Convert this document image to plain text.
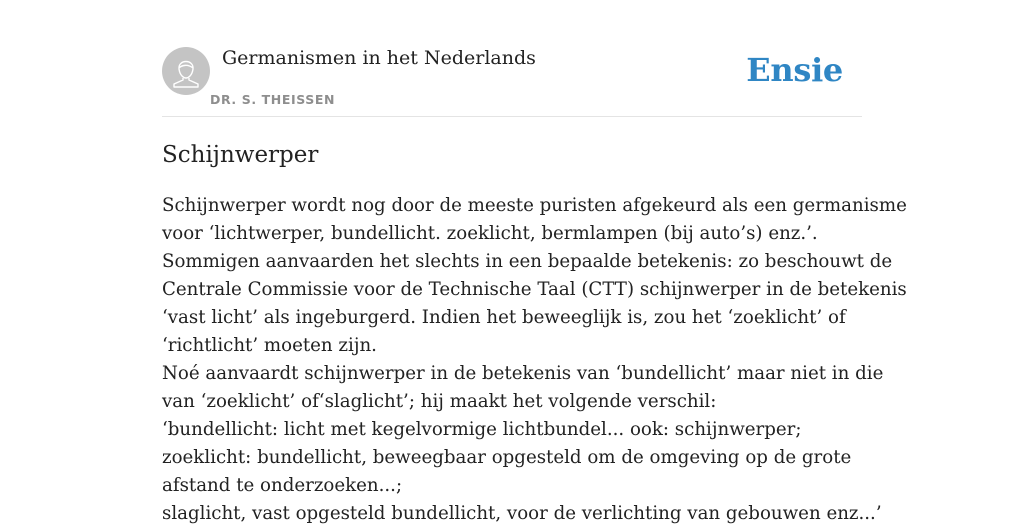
Germanismen in het Nederlands
DR. S. THEISSEN
Ensie
Schijnwerper

Schijnwerper wordt nog door de meeste puristen afgekeurd als een germanisme

voor ‘lichtwerper, bundellicht. zoeklicht, bermlampen (bij auto’s) enz.’.

Sommigen aanvaarden het slechts in een bepaalde betekenis: zo beschouwt de

Centrale Commissie voor de Technische Taal (CTT) schijnwerper in de betekenis

‘vast licht’ als ingeburgerd. Indien het beweeglijk is, zou het ‘zoeklicht’ of

‘richtlicht’ moeten zijn.

Noé aanvaardt schijnwerper in de betekenis van ‘bundellicht’ maar niet in die

van ‘zoeklicht’ of‘slaglicht’; hij maakt het volgende verschil:

‘bundellicht: licht met kegelvormige lichtbundel... ook: schijnwerper;

zoeklicht: bundellicht, beweegbaar opgesteld om de omgeving op de grote

afstand te onderzoeken...;

slaglicht, vast opgesteld bundellicht, voor de verlichting van gebouwen enz...’
